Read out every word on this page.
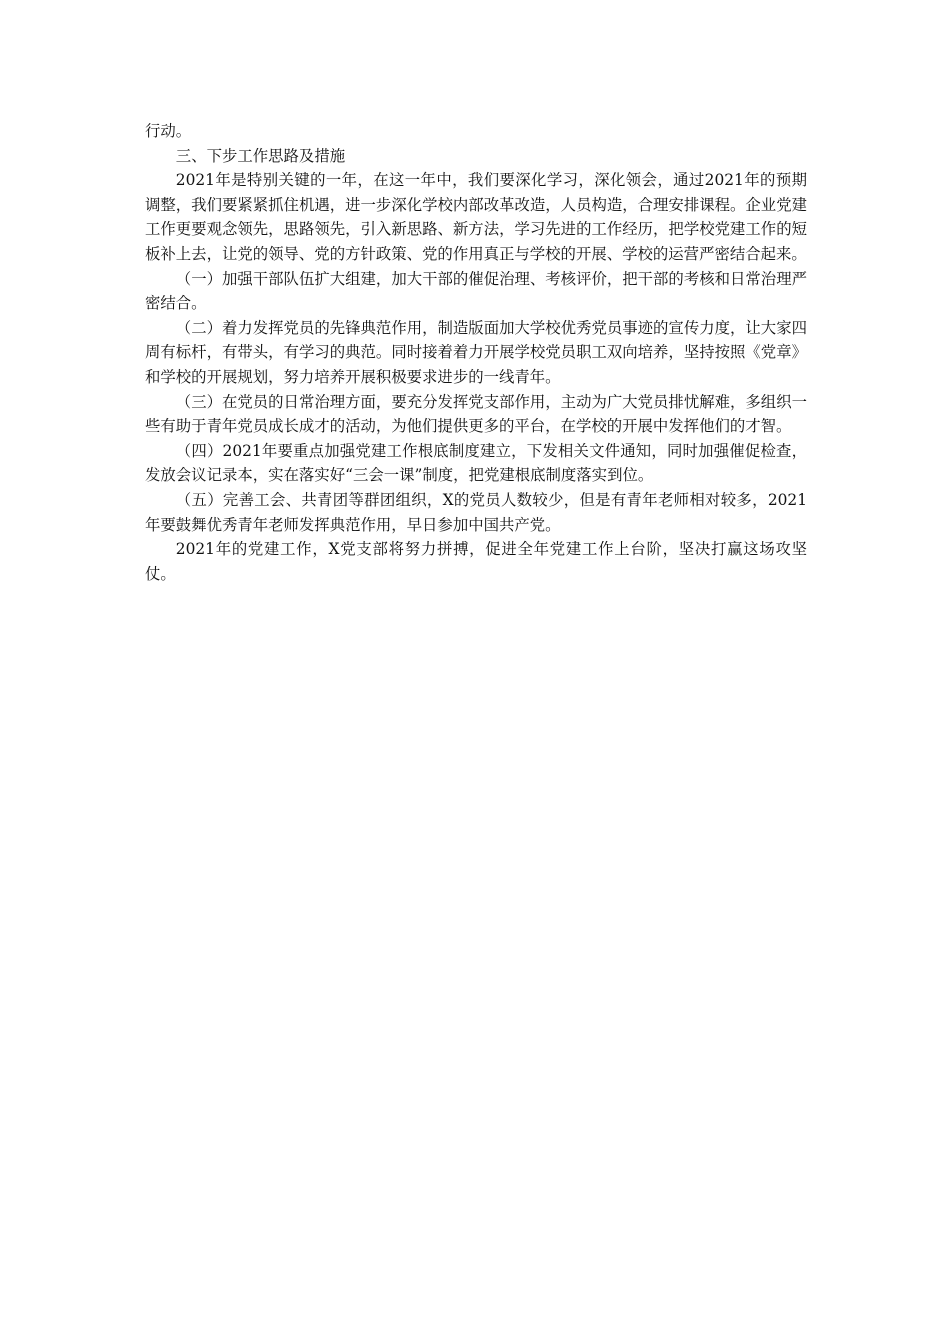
行动。

三、下步工作思路及措施

2021年是特别关键的一年，在这一年中，我们要深化学习，深化领会，通过2021年的预期调整，我们要紧紧抓住机遇，进一步深化学校内部改革改造，人员构造，合理安排课程。企业党建工作更要观念领先，思路领先，引入新思路、新方法，学习先进的工作经历，把学校党建工作的短板补上去，让党的领导、党的方针政策、党的作用真正与学校的开展、学校的运营严密结合起来。

（一）加强干部队伍扩大组建，加大干部的催促治理、考核评价，把干部的考核和日常治理严密结合。

（二）着力发挥党员的先锋典范作用，制造版面加大学校优秀党员事迹的宣传力度，让大家四周有标杆，有带头，有学习的典范。同时接着着力开展学校党员职工双向培养，坚持按照《党章》和学校的开展规划，努力培养开展积极要求进步的一线青年。

（三）在党员的日常治理方面，要充分发挥党支部作用，主动为广大党员排忧解难，多组织一些有助于青年党员成长成才的活动，为他们提供更多的平台，在学校的开展中发挥他们的才智。

（四）2021年要重点加强党建工作根底制度建立，下发相关文件通知，同时加强催促检查，发放会议记录本，实在落实好“三会一课”制度，把党建根底制度落实到位。

（五）完善工会、共青团等群团组织，X的党员人数较少，但是有青年老师相对较多，2021年要鼓舞优秀青年老师发挥典范作用，早日参加中国共产党。

2021年的党建工作，X党支部将努力拼搏，促进全年党建工作上台阶，坚决打赢这场攻坚仗。
